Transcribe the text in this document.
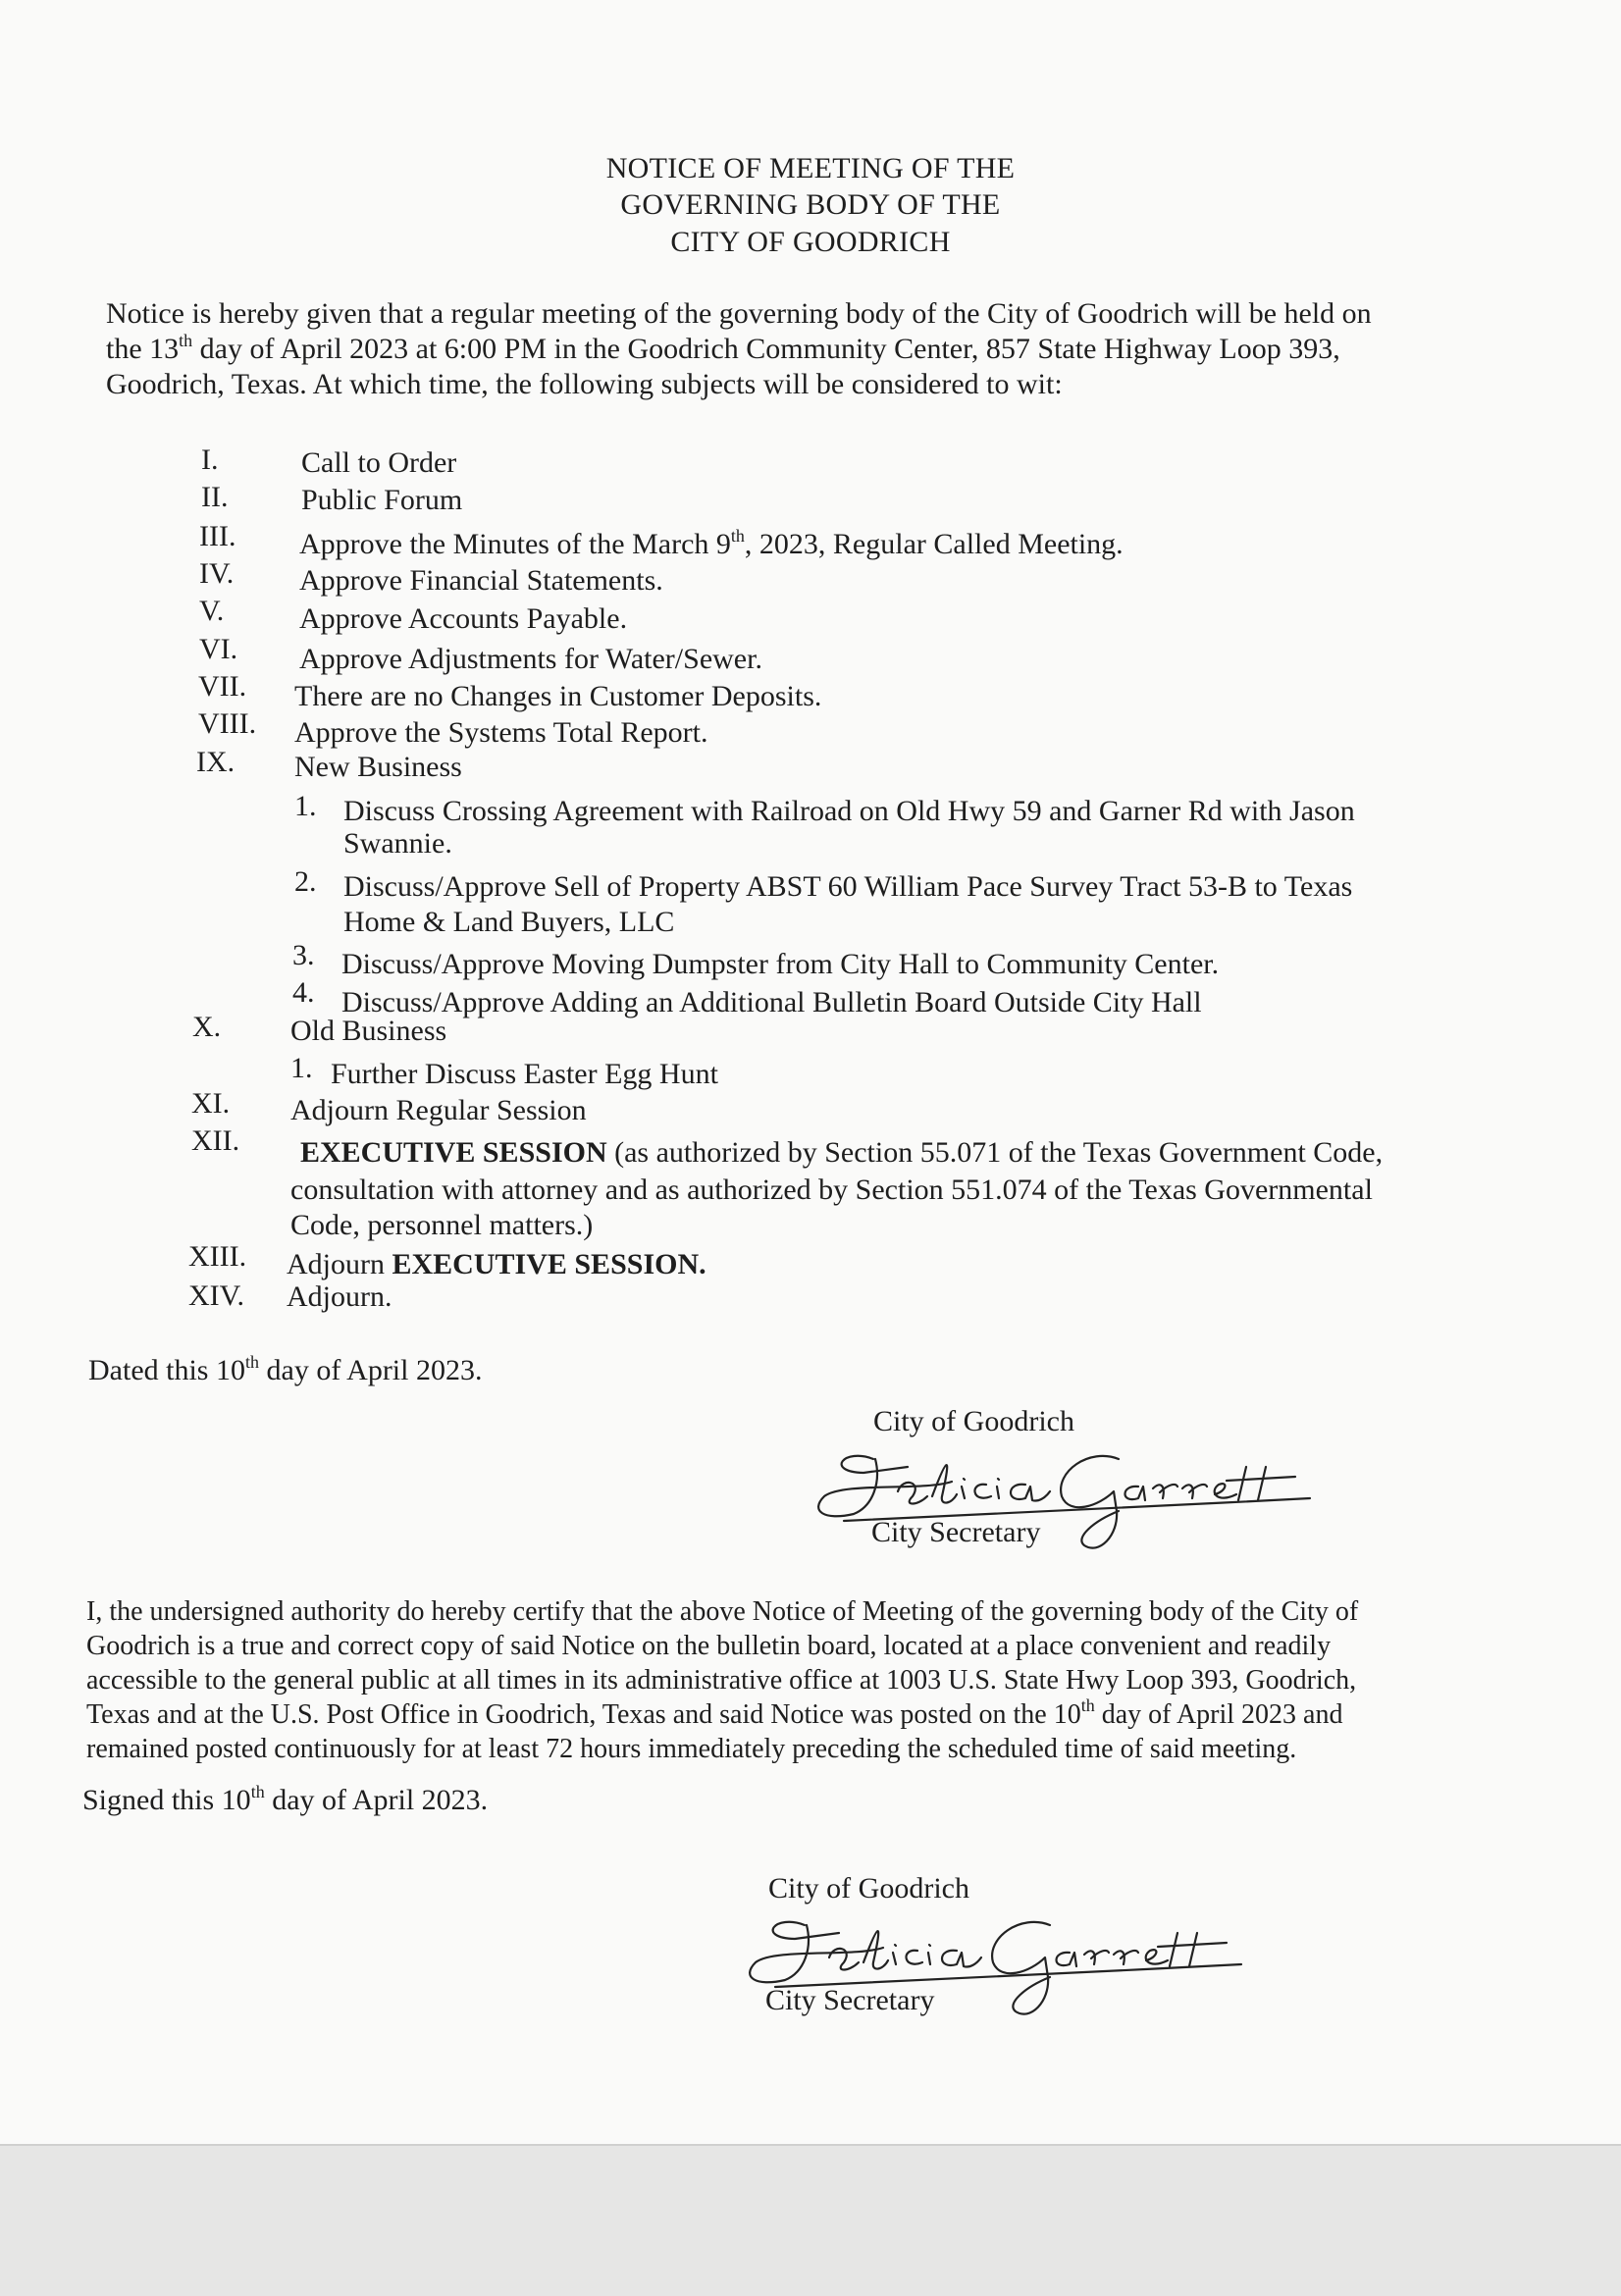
NOTICE OF MEETING OF THE
GOVERNING BODY OF THE
CITY OF GOODRICH
Notice is hereby given that a regular meeting of the governing body of the City of Goodrich will be held on
the 13th day of April 2023 at 6:00 PM in the Goodrich Community Center, 857 State Highway Loop 393,
Goodrich, Texas. At which time, the following subjects will be considered to wit:
I.	Call to Order
II. Public Forum
III. Approve the Minutes of the March 9th, 2023, Regular Called Meeting.
IV. Approve Financial Statements.
V.	Approve Accounts Payable.
VI. Approve Adjustments for Water/Sewer.
VII. There are no Changes in Customer Deposits.
VIII. Approve the Systems Total Report.
IX. New Business
1. Discuss Crossing Agreement with Railroad on Old Hwy 59 and Garner Rd with Jason
Swannie.
2. Discuss/Approve Sell of Property ABST 60 William Pace Survey Tract 53-B to Texas
Home & Land Buyers, LLC
3. Discuss/Approve Moving Dumpster from City Hall to Community Center.
4. Discuss/Approve Adding an Additional Bulletin Board Outside City Hall
X. Old Business
1. Further Discuss Easter Egg Hunt
XI. Adjourn Regular Session
XII. EXECUTIVE SESSION (as authorized by Section 55.071 of the Texas Government Code,
consultation with attorney and as authorized by Section 551.074 of the Texas Governmental
Code, personnel matters.)
XIII. Adjourn EXECUTIVE SESSION.
XIV. Adjourn.
Dated this 10th day of April 2023.
City of Goodrich
City Secretary
I, the undersigned authority do hereby certify that the above Notice of Meeting of the governing body of the City of
Goodrich is a true and correct copy of said Notice on the bulletin board, located at a place convenient and readily
accessible to the general public at all times in its administrative office at 1003 U.S. State Hwy Loop 393, Goodrich,
Texas and at the U.S. Post Office in Goodrich, Texas and said Notice was posted on the 10th day of April 2023 and
remained posted continuously for at least 72 hours immediately preceding the scheduled time of said meeting.
Signed this 10th day of April 2023.
City of Goodrich
City Secretary
